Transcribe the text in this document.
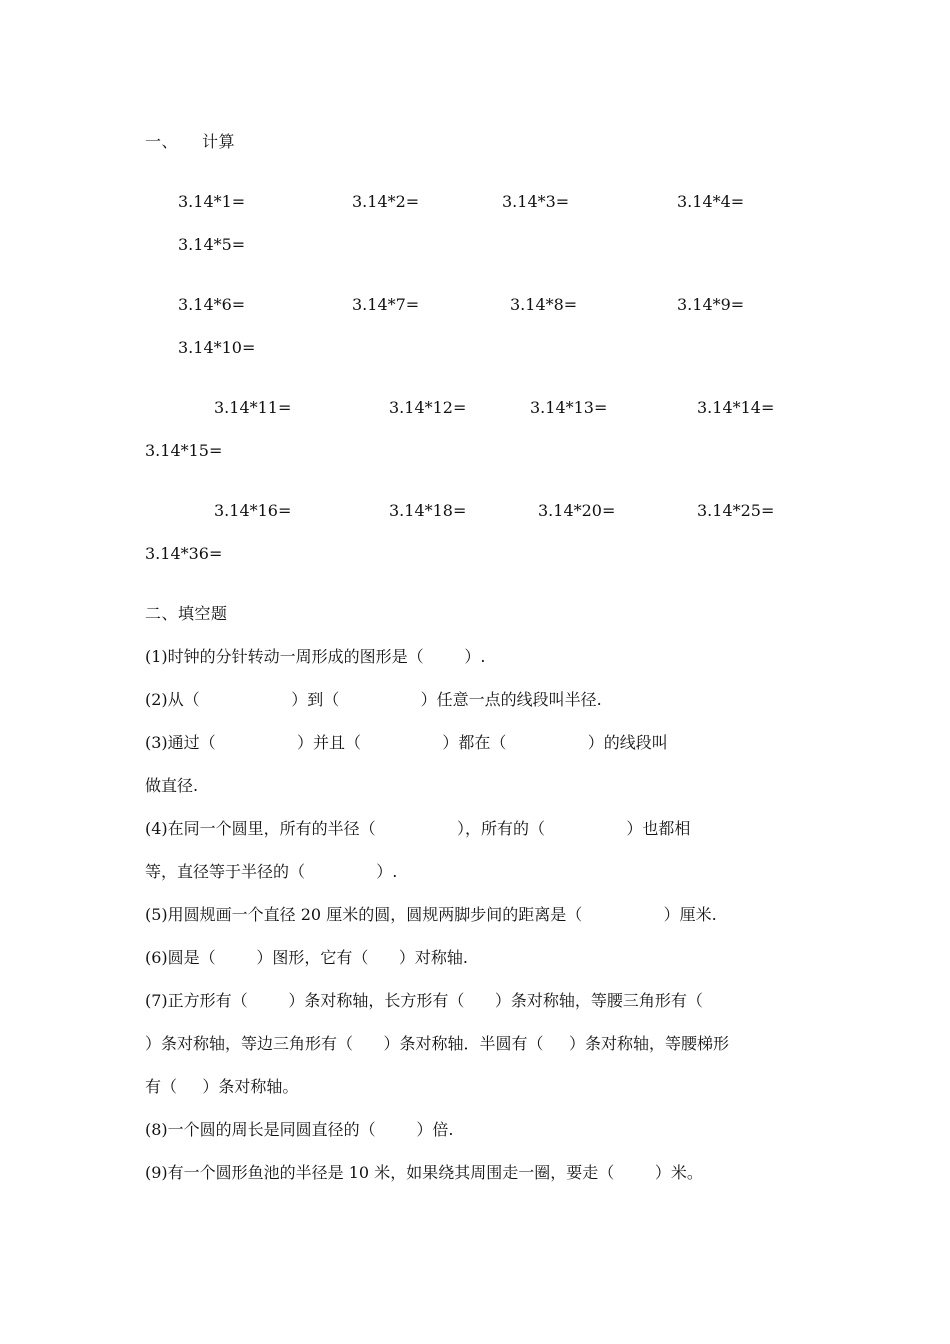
一、 计算
3.14*1=	3.14*2=	3.14*3=	3.14*4=
3.14*5=
3.14*6=	3.14*7=	3.14*8=	3.14*9=
3.14*10=
3.14*11=	3.14*12=	3.14*13=	3.14*14=
3.14*15=
3.14*16=	3.14*18=	3.14*20=	3.14*25=
3.14*36=
二、填空题
(1)时钟的分针转动一周形成的图形是（        ）.
(2)从（                  ）到（                ）任意一点的线段叫半径.
(3)通过（                ）并且（                ）都在（                ）的线段叫
做直径.
(4)在同一个圆里，所有的半径（                ），所有的（                ）也都相
等，直径等于半径的（              ）.
(5)用圆规画一个直径 20 厘米的圆，圆规两脚步间的距离是（                ）厘米.
(6)圆是（        ）图形，它有（      ）对称轴.
(7)正方形有（        ）条对称轴，长方形有（      ）条对称轴，等腰三角形有（
）条对称轴，等边三角形有（      ）条对称轴．半圆有（     ）条对称轴，等腰梯形
有（     ）条对称轴。
(8)一个圆的周长是同圆直径的（        ）倍.
(9)有一个圆形鱼池的半径是 10 米，如果绕其周围走一圈，要走（        ）米。
